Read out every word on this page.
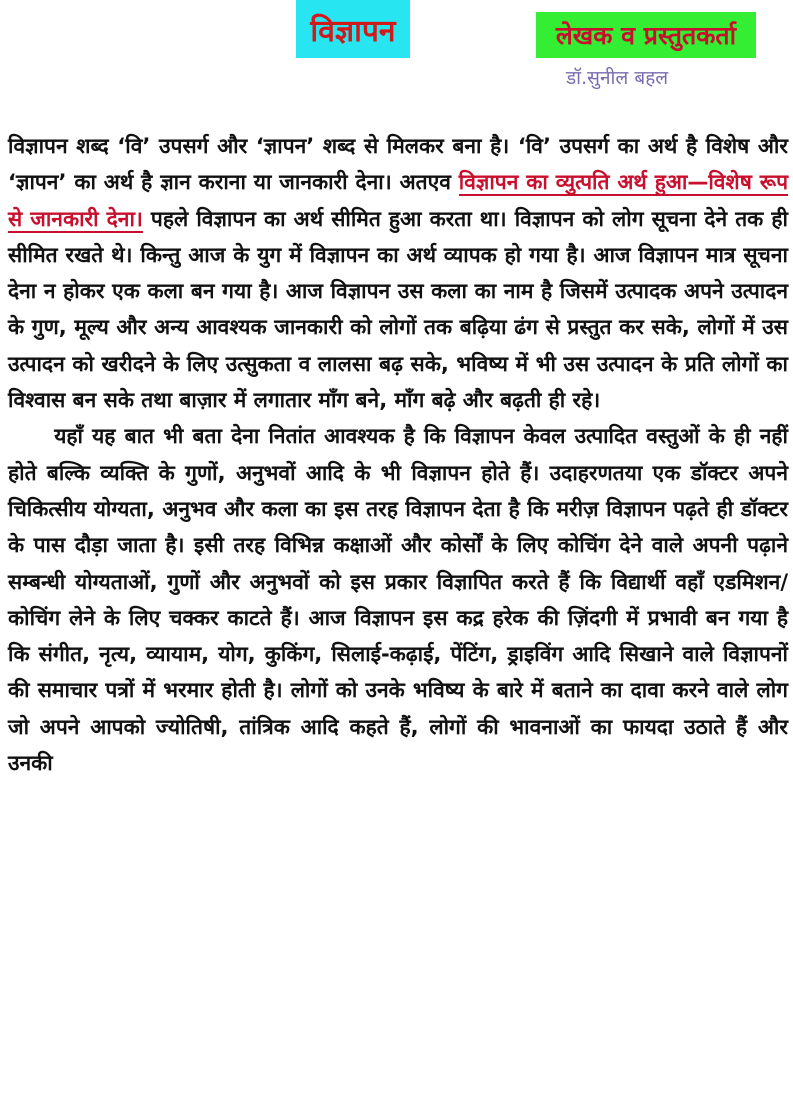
विज्ञापन	लेखक व प्रस्तुतकर्ता
डॉ.सुनील बहल

विज्ञापन शब्द ‘वि’ उपसर्ग और ‘ज्ञापन’ शब्द से मिलकर बना है। ‘वि’ उपसर्ग का अर्थ है विशेष और ‘ज्ञापन’ का अर्थ है ज्ञान कराना या जानकारी देना। अतएव विज्ञापन का व्युत्पति अर्थ हुआ—विशेष रूप से जानकारी देना। पहले विज्ञापन का अर्थ सीमित हुआ करता था। विज्ञापन को लोग सूचना देने तक ही सीमित रखते थे। किन्तु आज के युग में विज्ञापन का अर्थ व्यापक हो गया है। आज विज्ञापन मात्र सूचना देना न होकर एक कला बन गया है। आज विज्ञापन उस कला का नाम है जिसमें उत्पादक अपने उत्पादन के गुण, मूल्य और अन्य आवश्यक जानकारी को लोगों तक बढ़िया ढंग से प्रस्तुत कर सके, लोगों में उस उत्पादन को खरीदने के लिए उत्सुकता व लालसा बढ़ सके, भविष्य में भी उस उत्पादन के प्रति लोगों का विश्वास बन सके तथा बाज़ार में लगातार माँग बने, माँग बढ़े और बढ़ती ही रहे।

यहाँ यह बात भी बता देना नितांत आवश्यक है कि विज्ञापन केवल उत्पादित वस्तुओं के ही नहीं होते बल्कि व्यक्ति के गुणों, अनुभवों आदि के भी विज्ञापन होते हैं। उदाहरणतया एक डॉक्टर अपने चिकित्सीय योग्यता, अनुभव और कला का इस तरह विज्ञापन देता है कि मरीज़ विज्ञापन पढ़ते ही डॉक्टर के पास दौड़ा जाता है। इसी तरह विभिन्न कक्षाओं और कोर्सों के लिए कोचिंग देने वाले अपनी पढ़ाने सम्बन्धी योग्यताओं, गुणों और अनुभवों को इस प्रकार विज्ञापित करते हैं कि विद्यार्थी वहाँ एडमिशन/कोचिंग लेने के लिए चक्कर काटते हैं। आज विज्ञापन इस कद्र हरेक की ज़िंदगी में प्रभावी बन गया है कि संगीत, नृत्य, व्यायाम, योग, कुकिंग, सिलाई-कढ़ाई, पेंटिंग, ड्राइविंग आदि सिखाने वाले विज्ञापनों की समाचार पत्रों में भरमार होती है। लोगों को उनके भविष्य के बारे में बताने का दावा करने वाले लोग जो अपने आपको ज्योतिषी, तांत्रिक आदि कहते हैं, लोगों की भावनाओं का फायदा उठाते हैं और उनकी
